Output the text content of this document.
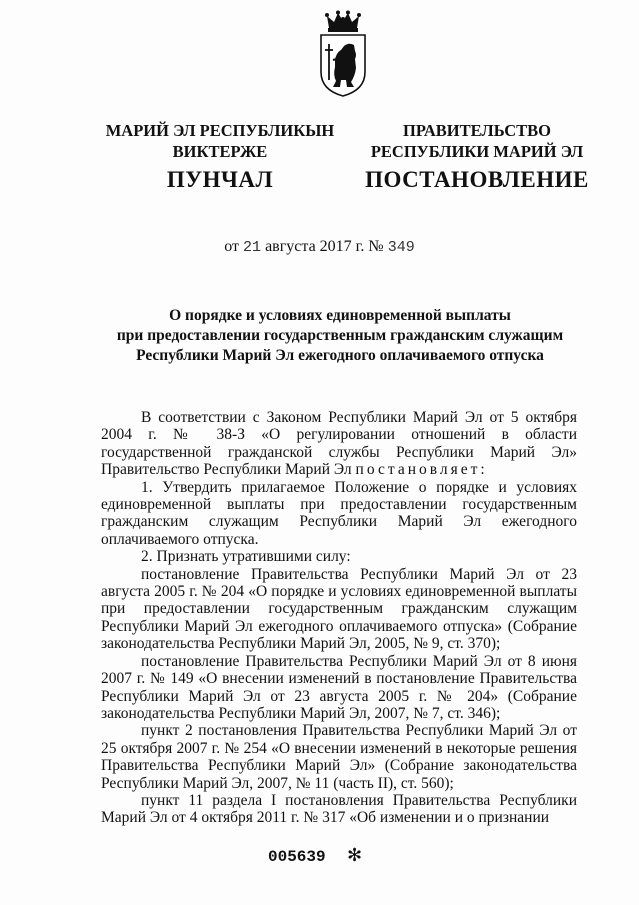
МАРИЙ ЭЛ РЕСПУБЛИКЫН
ВИКТЕРЖЕ
ПУНЧАЛ
ПРАВИТЕЛЬСТВО
РЕСПУБЛИКИ МАРИЙ ЭЛ
ПОСТАНОВЛЕНИЕ
от 21 августа 2017 г. № 349
О порядке и условиях единовременной выплаты
при предоставлении государственным гражданским служащим
Республики Марий Эл ежегодного оплачиваемого отпуска

В соответствии с Законом Республики Марий Эл от 5 октября 2004 г. № 38-З «О регулировании отношений в области государственной гражданской службы Республики Марий Эл» Правительство Республики Марий Эл постановляет:

1. Утвердить прилагаемое Положение о порядке и условиях единовременной выплаты при предоставлении государственным гражданским служащим Республики Марий Эл ежегодного оплачиваемого отпуска.

2. Признать утратившими силу:

постановление Правительства Республики Марий Эл от 23 августа 2005 г. № 204 «О порядке и условиях единовременной выплаты при предоставлении государственным гражданским служащим Республики Марий Эл ежегодного оплачиваемого отпуска» (Собрание законодательства Республики Марий Эл, 2005, № 9, ст. 370);

постановление Правительства Республики Марий Эл от 8 июня 2007 г. № 149 «О внесении изменений в постановление Правительства Республики Марий Эл от 23 августа 2005 г. № 204» (Собрание законодательства Республики Марий Эл, 2007, № 7, ст. 346);

пункт 2 постановления Правительства Республики Марий Эл от 25 октября 2007 г. № 254 «О внесении изменений в некоторые решения Правительства Республики Марий Эл» (Собрание законодательства Республики Марий Эл, 2007, № 11 (часть II), ст. 560);

пункт 11 раздела I постановления Правительства Республики Марий Эл от 4 октября 2011 г. № 317 «Об изменении и о признании

005639 ✻
